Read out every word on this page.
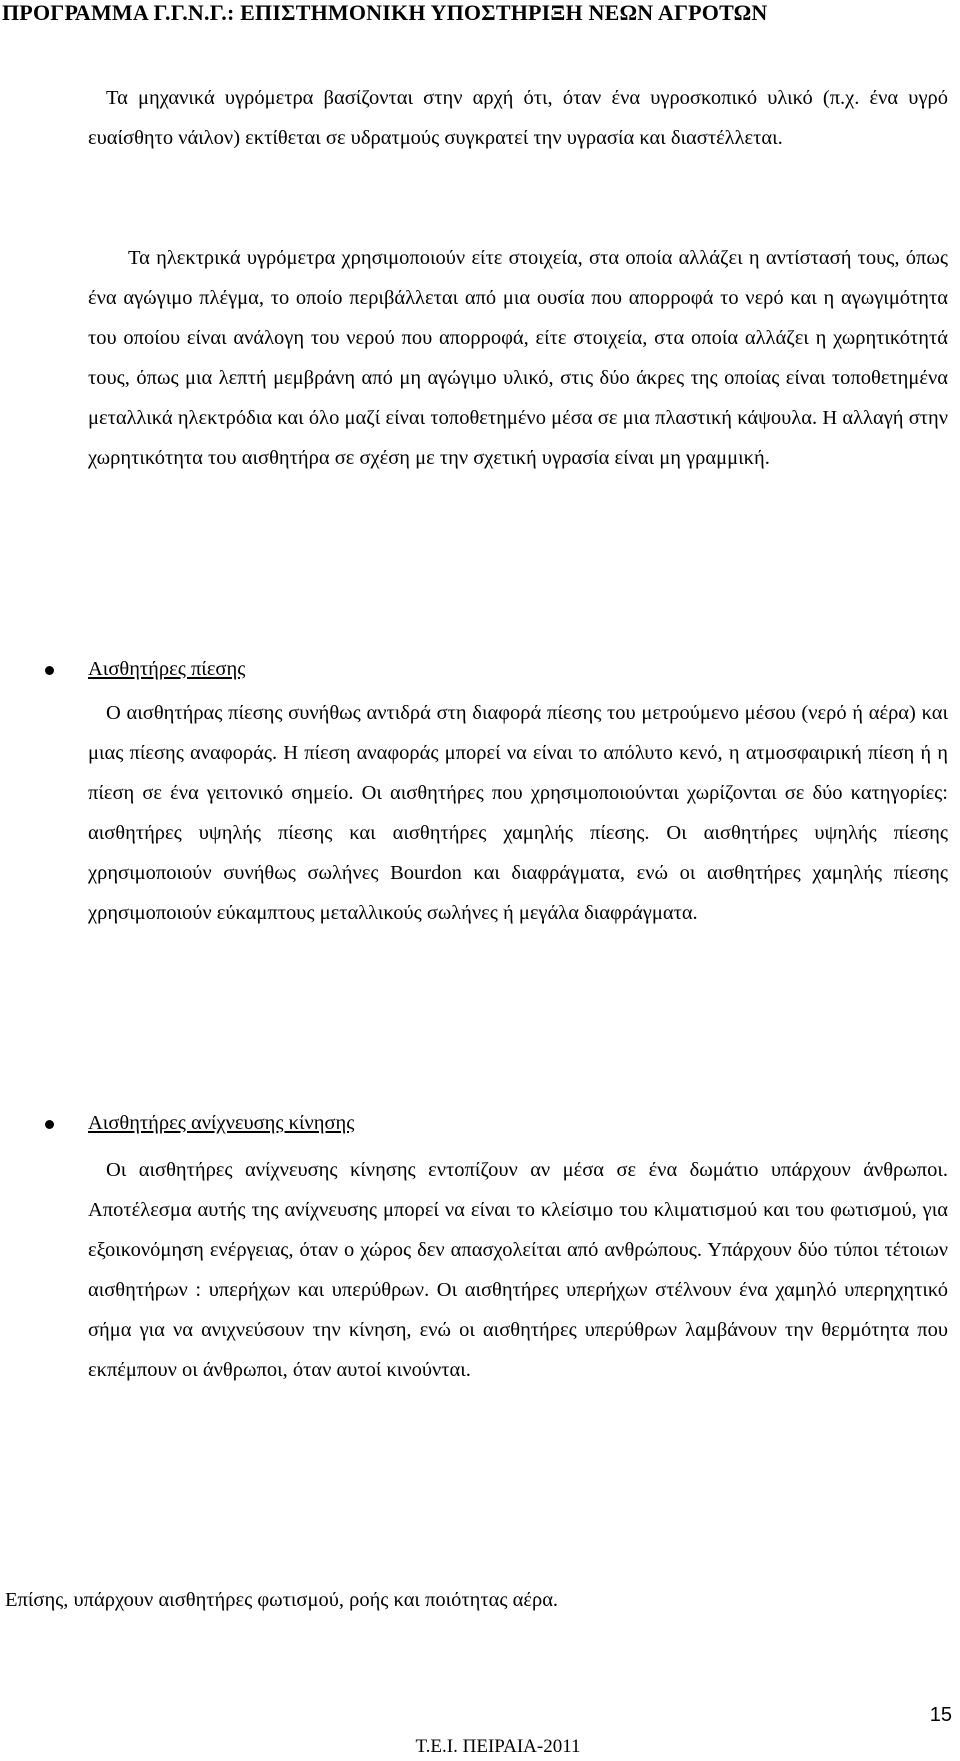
ΠΡΟΓΡΑΜΜΑ Γ.Γ.Ν.Γ.: ΕΠΙΣΤΗΜΟΝΙΚΗ ΥΠΟΣΤΗΡΙΞΗ ΝΕΩΝ ΑΓΡΟΤΩΝ

Τα μηχανικά υγρόμετρα βασίζονται στην αρχή ότι, όταν ένα υγροσκοπικό υλικό (π.χ. ένα υγρό ευαίσθητο νάιλον) εκτίθεται σε υδρατμούς συγκρατεί την υγρασία και διαστέλλεται.

Τα ηλεκτρικά υγρόμετρα χρησιμοποιούν είτε στοιχεία, στα οποία αλλάζει η αντίστασή τους, όπως ένα αγώγιμο πλέγμα, το οποίο περιβάλλεται από μια ουσία που απορροφά το νερό και η αγωγιμότητα του οποίου είναι ανάλογη του νερού που απορροφά, είτε στοιχεία, στα οποία αλλάζει η χωρητικότητά τους, όπως μια λεπτή μεμβράνη από μη αγώγιμο υλικό, στις δύο άκρες της οποίας είναι τοποθετημένα μεταλλικά ηλεκτρόδια και όλο μαζί είναι τοποθετημένο μέσα σε μια πλαστική κάψουλα. Η αλλαγή στην χωρητικότητα του αισθητήρα σε σχέση με την σχετική υγρασία είναι μη γραμμική.

Αισθητήρες πίεσης

Ο αισθητήρας πίεσης συνήθως αντιδρά στη διαφορά πίεσης του μετρούμενο μέσου (νερό ή αέρα) και μιας πίεσης αναφοράς. Η πίεση αναφοράς μπορεί να είναι το απόλυτο κενό, η ατμοσφαιρική πίεση ή η πίεση σε ένα γειτονικό σημείο. Οι αισθητήρες που χρησιμοποιούνται χωρίζονται σε δύο κατηγορίες: αισθητήρες υψηλής πίεσης και αισθητήρες χαμηλής πίεσης. Οι αισθητήρες υψηλής πίεσης χρησιμοποιούν συνήθως σωλήνες Bourdon και διαφράγματα, ενώ οι αισθητήρες χαμηλής πίεσης χρησιμοποιούν εύκαμπτους μεταλλικούς σωλήνες ή μεγάλα διαφράγματα.

Αισθητήρες ανίχνευσης κίνησης

Οι αισθητήρες ανίχνευσης κίνησης εντοπίζουν αν μέσα σε ένα δωμάτιο υπάρχουν άνθρωποι. Αποτέλεσμα αυτής της ανίχνευσης μπορεί να είναι το κλείσιμο του κλιματισμού και του φωτισμού, για εξοικονόμηση ενέργειας, όταν ο χώρος δεν απασχολείται από ανθρώπους. Υπάρχουν δύο τύποι τέτοιων αισθητήρων : υπερήχων και υπερύθρων. Οι αισθητήρες υπερήχων στέλνουν ένα χαμηλό υπερηχητικό σήμα για να ανιχνεύσουν την κίνηση, ενώ οι αισθητήρες υπερύθρων λαμβάνουν την θερμότητα που εκπέμπουν οι άνθρωποι, όταν αυτοί κινούνται.

Επίσης, υπάρχουν αισθητήρες φωτισμού, ροής και ποιότητας αέρα.
15
Τ.Ε.Ι. ΠΕΙΡΑΙΑ-2011
